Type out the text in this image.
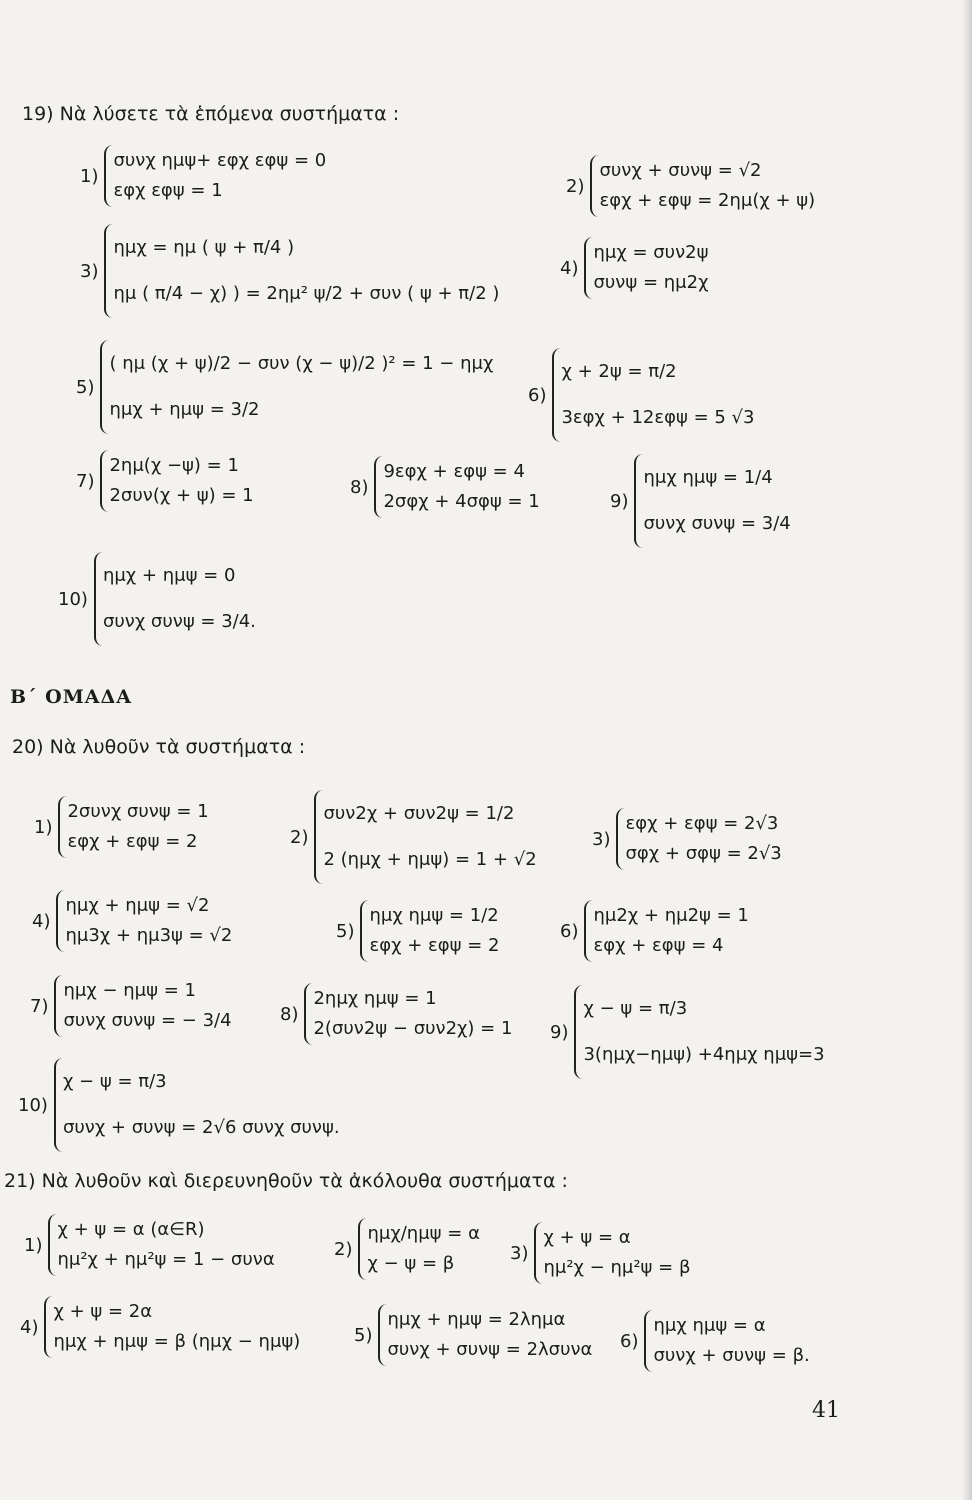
19) Νὰ λύσετε τὰ ἑπόμενα συστήματα :
1)
συνχ ημψ+ εφχ εφψ = 0
εφχ εφψ = 1	2)
συνχ + συνψ = √2
εφχ + εφψ = 2ημ(χ + ψ)
3)
ημχ = ημ ( ψ + π/4 )
ημ ( π/4 − χ) ) = 2ημ² ψ/2 + συν ( ψ + π/2 )
4)
ημχ = συν2ψ
συνψ = ημ2χ
5)
( ημ (χ + ψ)/2 − συν (χ − ψ)/2 )² = 1 − ημχ
ημχ + ημψ = 3/2
6)
χ + 2ψ = π/2
3εφχ + 12εφψ = 5 √3
7)
2ημ(χ −ψ) = 1
2συν(χ + ψ) = 1	8)
9εφχ + εφψ = 4
2σφχ + 4σφψ = 1	9)
ημχ ημψ = 1/4
συνχ συνψ = 3/4
10)
ημχ + ημψ = 0
συνχ συνψ = 3/4.
Β΄ ΟΜΑΔΑ
20) Νὰ λυθοῦν τὰ συστήματα :
1)
2συνχ συνψ = 1
εφχ + εφψ = 2	2)
συν2χ + συν2ψ = 1/2
2 (ημχ + ημψ) = 1 + √2
3)
εφχ + εφψ = 2√3
σφχ + σφψ = 2√3
4)
ημχ + ημψ = √2
ημ3χ + ημ3ψ = √2	5)
ημχ ημψ = 1/2
εφχ + εφψ = 2
6)
ημ2χ + ημ2ψ = 1
εφχ + εφψ = 4
7)
ημχ − ημψ = 1
συνχ συνψ = − 3/4	8)
2ημχ ημψ = 1
2(συν2ψ − συν2χ) = 1 9)
χ − ψ = π/3
3(ημχ−ημψ) +4ημχ ημψ=3
10)
χ − ψ = π/3
συνχ + συνψ = 2√6 συνχ συνψ.
21) Νὰ λυθοῦν καὶ διερευνηθοῦν τὰ ἀκόλουθα συστήματα :
1)
χ + ψ = α (α∈R)
ημ²χ + ημ²ψ = 1 − συνα	2)
ημχ/ημψ = α
χ − ψ = β	3)
χ + ψ = α
ημ²χ − ημ²ψ = β
4)
χ + ψ = 2α
ημχ + ημψ = β (ημχ − ημψ)	5)
ημχ + ημψ = 2λημα
συνχ + συνψ = 2λσυνα 6)
ημχ ημψ = α
συνχ + συνψ = β.
41
